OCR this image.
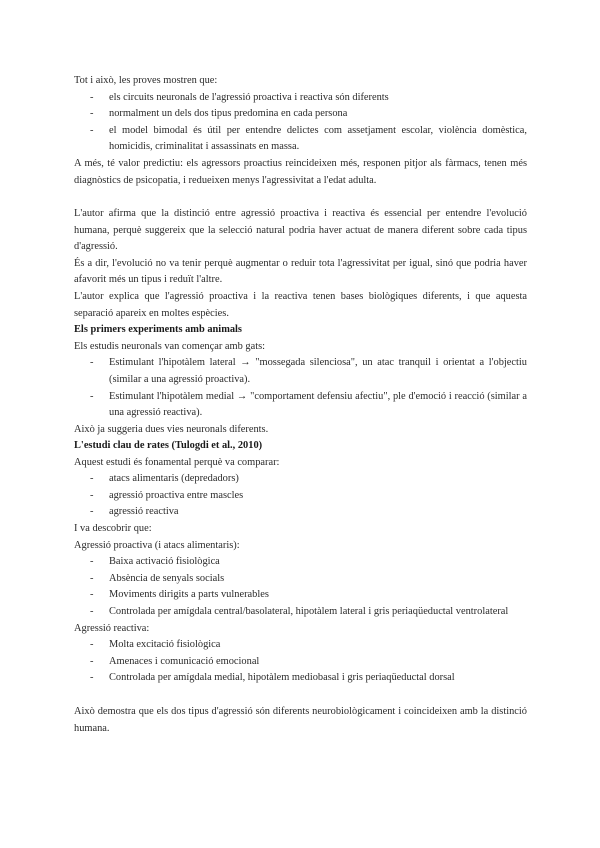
Tot i això, les proves mostren que:

- els circuits neuronals de l'agressió proactiva i reactiva són diferents
- normalment un dels dos tipus predomina en cada persona
- el model bimodal és útil per entendre delictes com assetjament escolar, violència domèstica, homicidis, criminalitat i assassinats en massa.

A més, té valor predictiu: els agressors proactius reincideixen més, responen pitjor als fàrmacs, tenen més diagnòstics de psicopatia, i redueixen menys l'agressivitat a l'edat adulta.

L'autor afirma que la distinció entre agressió proactiva i reactiva és essencial per entendre l'evolució humana, perquè suggereix que la selecció natural podria haver actuat de manera diferent sobre cada tipus d'agressió.

És a dir, l'evolució no va tenir perquè augmentar o reduir tota l'agressivitat per igual, sinó que podria haver afavorit més un tipus i reduït l'altre.

L'autor explica que l'agressió proactiva i la reactiva tenen bases biològiques diferents, i que aquesta separació apareix en moltes espècies.

Els primers experiments amb animals

Els estudis neuronals van començar amb gats:

- Estimulant l'hipotàlem lateral → "mossegada silenciosa", un atac tranquil i orientat a l'objectiu (similar a una agressió proactiva).
- Estimulant l'hipotàlem medial → "comportament defensiu afectiu", ple d'emoció i reacció (similar a una agressió reactiva).

Això ja suggeria dues vies neuronals diferents.

L'estudi clau de rates (Tulogdi et al., 2010)

Aquest estudi és fonamental perquè va comparar:

- atacs alimentaris (depredadors)
- agressió proactiva entre mascles
- agressió reactiva

I va descobrir que:

Agressió proactiva (i atacs alimentaris):

- Baixa activació fisiològica
- Absència de senyals socials
- Moviments dirigits a parts vulnerables
- Controlada per amígdala central/basolateral, hipotàlem lateral i gris periaqüeductal ventrolateral

Agressió reactiva:

- Molta excitació fisiològica
- Amenaces i comunicació emocional
- Controlada per amígdala medial, hipotàlem mediobasal i gris periaqüeductal dorsal

Això demostra que els dos tipus d'agressió són diferents neurobiològicament i coincideixen amb la distinció humana.
